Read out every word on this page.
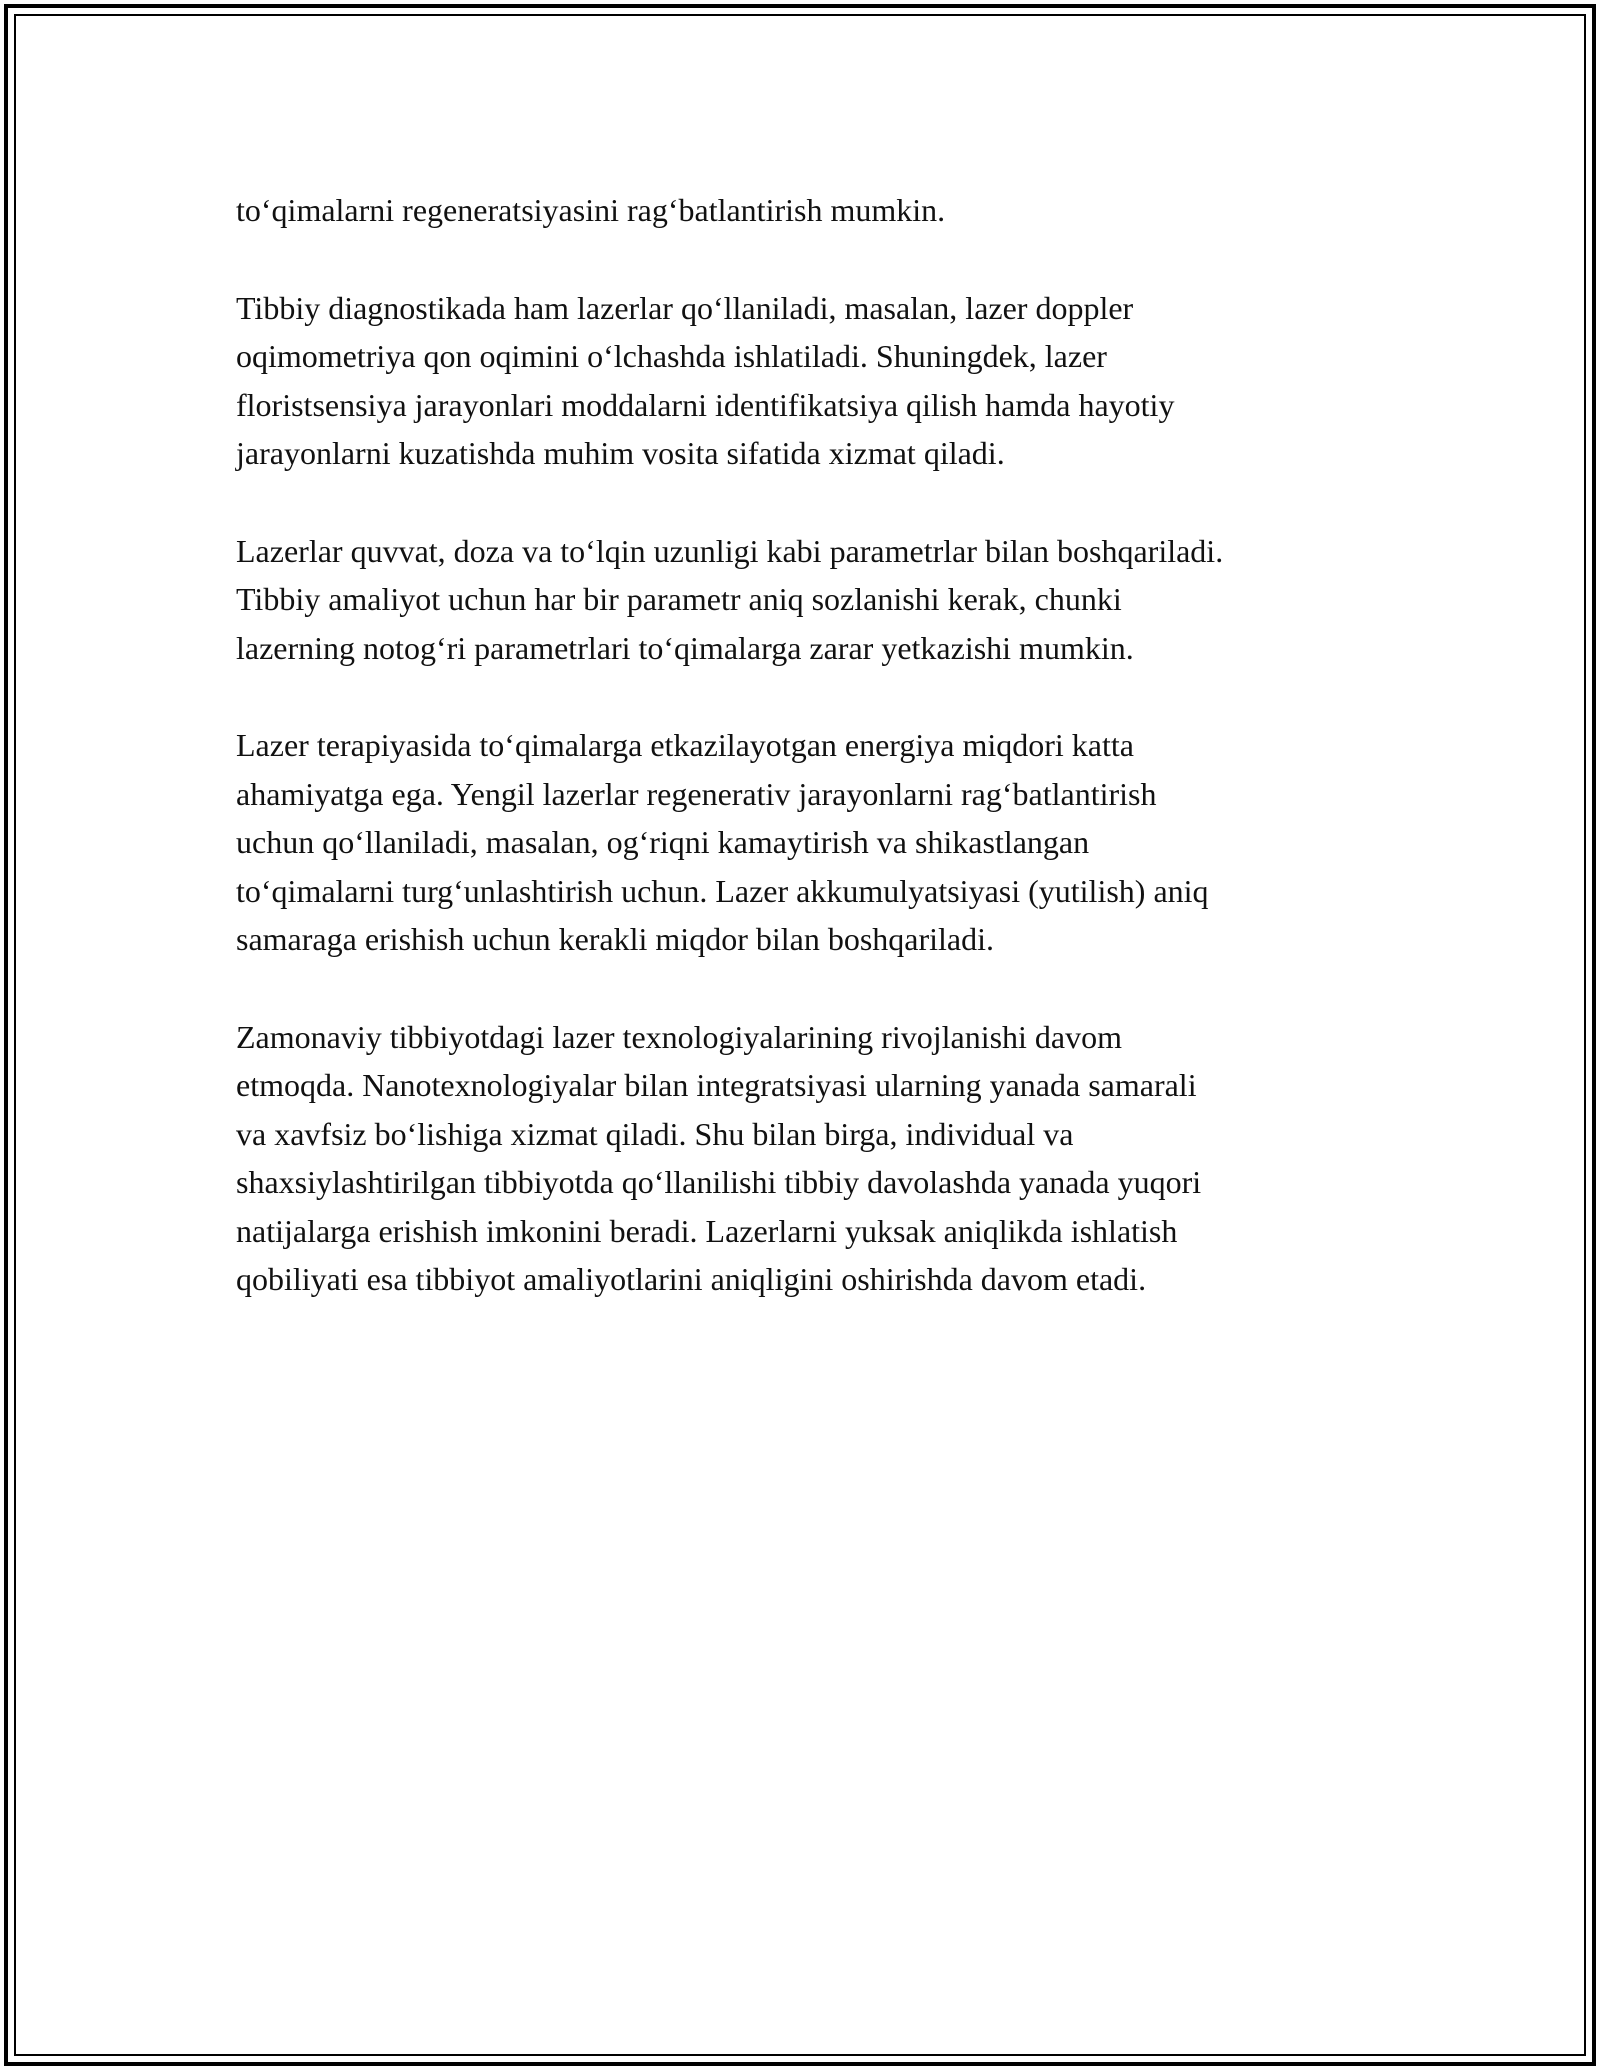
to‘qimalarni regeneratsiyasini rag‘batlantirish mumkin.

Tibbiy diagnostikada ham lazerlar qo‘llaniladi, masalan, lazer doppler
oqimometriya qon oqimini o‘lchashda ishlatiladi. Shuningdek, lazer
floristsensiya jarayonlari moddalarni identifikatsiya qilish hamda hayotiy
jarayonlarni kuzatishda muhim vosita sifatida xizmat qiladi.

Lazerlar quvvat, doza va to‘lqin uzunligi kabi parametrlar bilan boshqariladi.
Tibbiy amaliyot uchun har bir parametr aniq sozlanishi kerak, chunki
lazerning notog‘ri parametrlari to‘qimalarga zarar yetkazishi mumkin.

Lazer terapiyasida to‘qimalarga etkazilayotgan energiya miqdori katta
ahamiyatga ega. Yengil lazerlar regenerativ jarayonlarni rag‘batlantirish
uchun qo‘llaniladi, masalan, og‘riqni kamaytirish va shikastlangan
to‘qimalarni turg‘unlashtirish uchun. Lazer akkumulyatsiyasi (yutilish) aniq
samaraga erishish uchun kerakli miqdor bilan boshqariladi.

Zamonaviy tibbiyotdagi lazer texnologiyalarining rivojlanishi davom
etmoqda. Nanotexnologiyalar bilan integratsiyasi ularning yanada samarali
va xavfsiz bo‘lishiga xizmat qiladi. Shu bilan birga, individual va
shaxsiylashtirilgan tibbiyotda qo‘llanilishi tibbiy davolashda yanada yuqori
natijalarga erishish imkonini beradi. Lazerlarni yuksak aniqlikda ishlatish
qobiliyati esa tibbiyot amaliyotlarini aniqligini oshirishda davom etadi.
